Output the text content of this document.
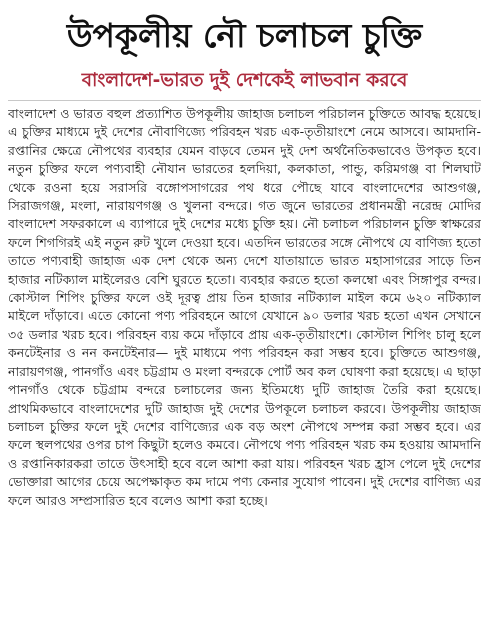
উপকূলীয় নৌ চলাচল চুক্তি
বাংলাদেশ-ভারত দুই দেশকেই লাভবান করবে

বাংলাদেশ ও ভারত বহুল প্রত্যাশিত উপকূলীয় জাহাজ চলাচল পরিচালন চুক্তিতে আবদ্ধ হয়েছে। এ চুক্তির মাধ্যমে দুই দেশের নৌবাণিজ্যে পরিবহন খরচ এক-তৃতীয়াংশে নেমে আসবে। আমদানি-রপ্তানির ক্ষেত্রে নৌপথের ব্যবহার যেমন বাড়বে তেমন দুই দেশ অর্থনৈতিকভাবেও উপকৃত হবে। নতুন চুক্তির ফলে পণ্যবাহী নৌযান ভারতের হলদিয়া, কলকাতা, পান্ডু, করিমগঞ্জ বা শিলঘাট থেকে রওনা হয়ে সরাসরি বঙ্গোপসাগরের পথ ধরে পৌছে যাবে বাংলাদেশের আশুগঞ্জ, সিরাজগঞ্জ, মংলা, নারায়ণগঞ্জ ও খুলনা বন্দরে। গত জুনে ভারতের প্রধানমন্ত্রী নরেন্দ্র মোদির বাংলাদেশ সফরকালে এ ব্যাপারে দুই দেশের মধ্যে চুক্তি হয়। নৌ চলাচল পরিচালন চুক্তি স্বাক্ষরের ফলে শিগগিরই এই নতুন রুট খুলে দেওয়া হবে। এতদিন ভারতের সঙ্গে নৌপথে যে বাণিজ্য হতো তাতে পণ্যবাহী জাহাজ এক দেশ থেকে অন্য দেশে যাতায়াতে ভারত মহাসাগরের সাড়ে তিন হাজার নটিক্যাল মাইলেরও বেশি ঘুরতে হতো। ব্যবহার করতে হতো কলম্বো এবং সিঙ্গাপুর বন্দর। কোস্টাল শিপিং চুক্তির ফলে ওই দূরত্ব প্রায় তিন হাজার নটিক্যাল মাইল কমে ৬২০ নটিক্যাল মাইলে দাঁড়াবে। এতে কোনো পণ্য পরিবহনে আগে যেখানে ৯০ ডলার খরচ হতো এখন সেখানে ৩৫ ডলার খরচ হবে। পরিবহন ব্যয় কমে দাঁড়াবে প্রায় এক-তৃতীয়াংশে। কোস্টাল শিপিং চালু হলে কনটেইনার ও নন কনটেইনার— দুই মাধ্যমে পণ্য পরিবহন করা সম্ভব হবে। চুক্তিতে আশুগঞ্জ, নারায়ণগঞ্জ, পানগাঁও এবং চট্টগ্রাম ও মংলা বন্দরকে পোর্ট অব কল ঘোষণা করা হয়েছে। এ ছাড়া পানগাঁও থেকে চট্টগ্রাম বন্দরে চলাচলের জন্য ইতিমধ্যে দুটি জাহাজ তৈরি করা হয়েছে। প্রাথমিকভাবে বাংলাদেশের দুটি জাহাজ দুই দেশের উপকূলে চলাচল করবে। উপকূলীয় জাহাজ চলাচল চুক্তির ফলে দুই দেশের বাণিজ্যের এক বড় অংশ নৌপথে সম্পন্ন করা সম্ভব হবে। এর ফলে স্থলপথের ওপর চাপ কিছুটা হলেও কমবে। নৌপথে পণ্য পরিবহন খরচ কম হওয়ায় আমদানি ও রপ্তানিকারকরা তাতে উৎসাহী হবে বলে আশা করা যায়। পরিবহন খরচ হ্রাস পেলে দুই দেশের ভোক্তারা আগের চেয়ে অপেক্ষাকৃত কম দামে পণ্য কেনার সুযোগ পাবেন। দুই দেশের বাণিজ্য এর ফলে আরও সম্প্রসারিত হবে বলেও আশা করা হচ্ছে।
